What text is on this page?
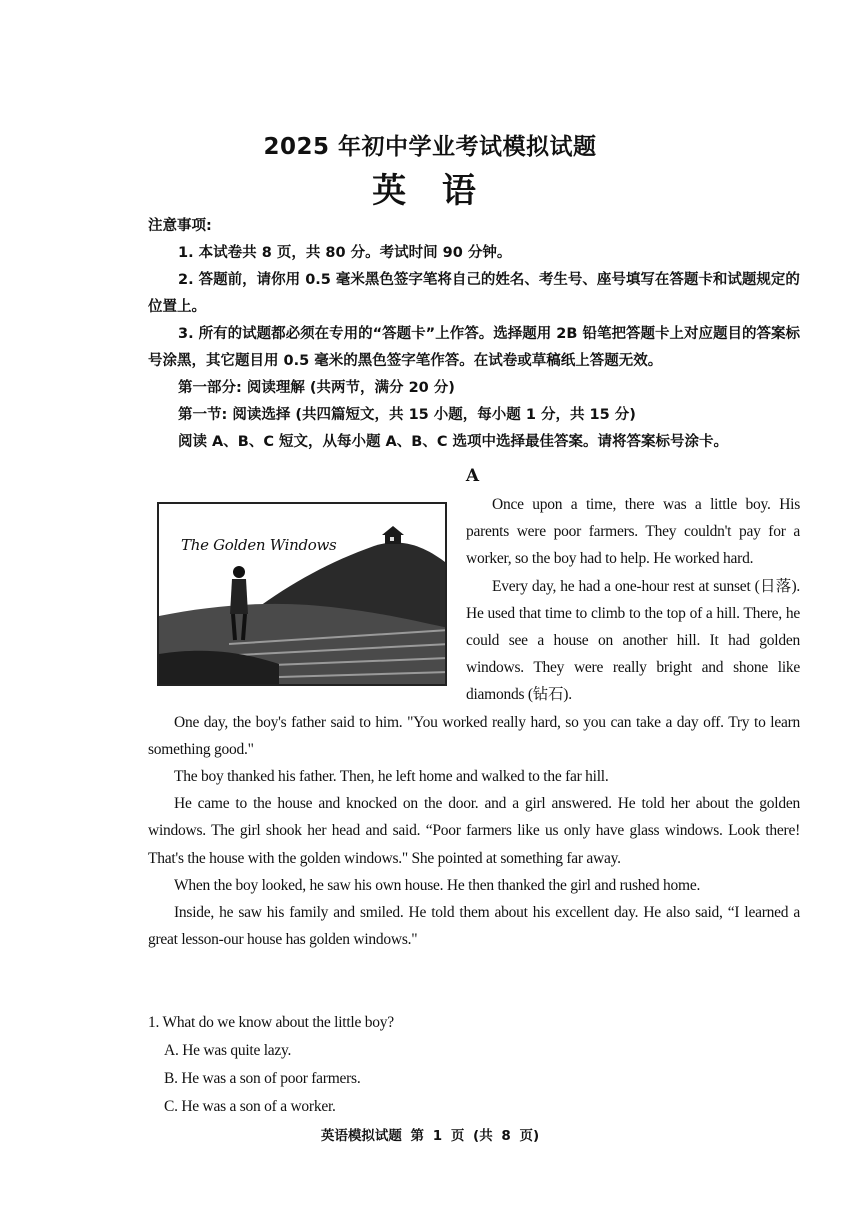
2025 年初中学业考试模拟试题
英 语

注意事项:

1. 本试卷共 8 页，共 80 分。考试时间 90 分钟。

2. 答题前，请你用 0.5 毫米黑色签字笔将自己的姓名、考生号、座号填写在答题卡和试题规定的位置上。

3. 所有的试题都必须在专用的“答题卡”上作答。选择题用 2B 铅笔把答题卡上对应题目的答案标号涂黑，其它题目用 0.5 毫米的黑色签字笔作答。在试卷或草稿纸上答题无效。

第一部分: 阅读理解 (共两节，满分 20 分)

第一节: 阅读选择 (共四篇短文，共 15 小题，每小题 1 分，共 15 分)

阅读 A、B、C 短文，从每小题 A、B、C 选项中选择最佳答案。请将答案标号涂卡。

A

Once upon a time, there was a little boy. His parents were poor farmers. They couldn't pay for a worker, so the boy had to help. He worked hard.

Every day, he had a one-hour rest at sunset (日落). He used that time to climb to the top of a hill. There, he could see a house on another hill. It had golden windows. They were really bright and shone like diamonds (钻石).

One day, the boy's father said to him. "You worked really hard, so you can take a day off. Try to learn something good."

The boy thanked his father. Then, he left home and walked to the far hill.

He came to the house and knocked on the door. and a girl answered. He told her about the golden windows. The girl shook her head and said. “Poor farmers like us only have glass windows. Look there! That's the house with the golden windows." She pointed at something far away.

When the boy looked, he saw his own house. He then thanked the girl and rushed home.

Inside, he saw his family and smiled. He told them about his excellent day. He also said, “I learned a great lesson-our house has golden windows."

The Golden Windows

1. What do we know about the little boy?

A. He was quite lazy.

B. He was a son of poor farmers.

C. He was a son of a worker.

英语模拟试题 第 1 页 (共 8 页)
